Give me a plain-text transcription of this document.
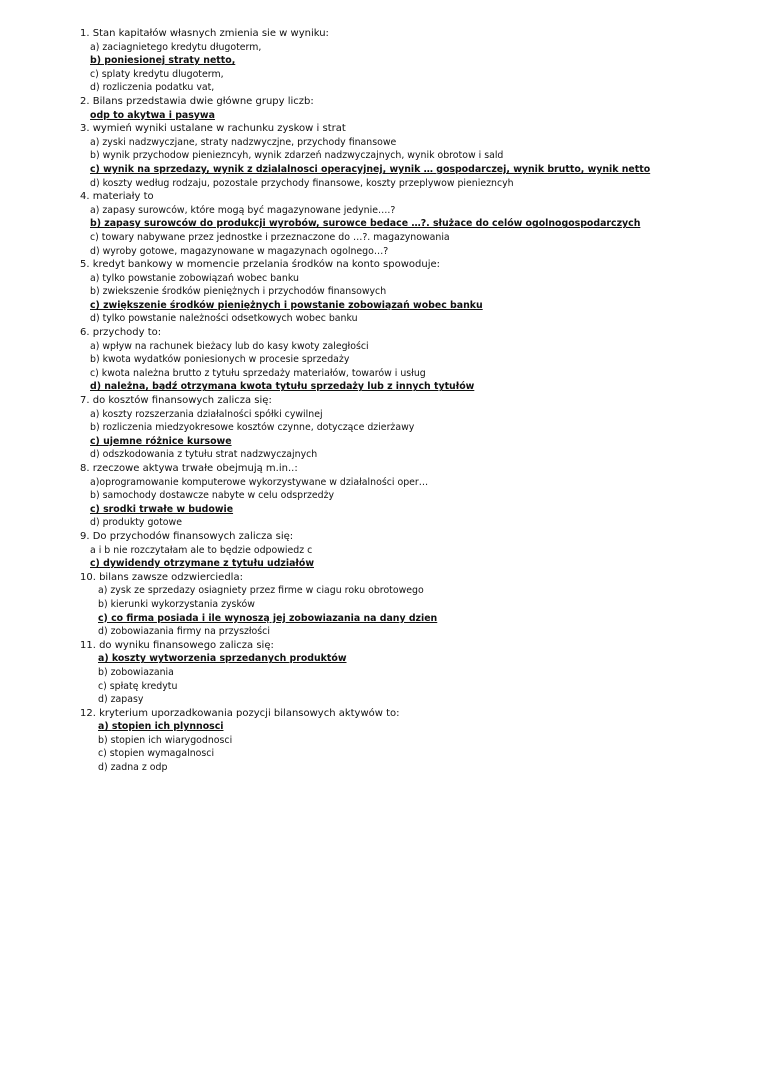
1. Stan kapitałów własnych zmienia sie w wyniku:
a) zaciagnietego kredytu długoterm,
b) poniesionej straty netto,
c) splaty kredytu dlugoterm,
d) rozliczenia podatku vat,
2. Bilans przedstawia dwie główne grupy liczb:
odp to akytwa i pasywa
3. wymień wyniki ustalane w rachunku zyskow i strat
a) zyski nadzwyczjane, straty nadzwyczjne, przychody finansowe
b) wynik przychodow pieniezncyh, wynik zdarzeń nadzwyczajnych, wynik obrotow i sald
c) wynik na sprzedazy, wynik z dzialalnosci operacyjnej, wynik … gospodarczej, wynik brutto, wynik netto
d) koszty według rodzaju, pozostale przychody finansowe, koszty przeplywow pieniezncyh
4. materiały to
a) zapasy surowców, które mogą być magazynowane jedynie….?
b) zapasy surowców do produkcji wyrobów, surowce bedace …?. służace do celów ogolnogospodarczych
c) towary nabywane przez jednostke i przeznaczone do …?. magazynowania
d) wyroby gotowe, magazynowane w magazynach ogolnego…?
5. kredyt bankowy w momencie przelania środków na konto spowoduje:
a) tylko powstanie zobowiązań wobec banku
b) zwiekszenie środków pieniężnych i przychodów finansowych
c) zwiększenie środków pieniężnych i powstanie zobowiązań wobec banku
d) tylko powstanie należności odsetkowych wobec banku
6. przychody to:
a) wpływ na rachunek bieżacy lub do kasy kwoty zaległości
b) kwota wydatków poniesionych w procesie sprzedaży
c) kwota należna brutto z tytułu sprzedaży materiałów, towarów i usług
d) należna, bądź otrzymana kwota tytułu sprzedaży lub z innych tytułów
7. do kosztów finansowych zalicza się:
a) koszty rozszerzania działalności spółki cywilnej
b) rozliczenia miedzyokresowe kosztów czynne, dotyczące dzierżawy
c) ujemne różnice kursowe
d) odszkodowania z tytułu strat nadzwyczajnych
8. rzeczowe aktywa trwałe obejmują m.in..:
a)oprogramowanie komputerowe wykorzystywane w działalności oper…
b) samochody dostawcze nabyte w celu odsprzedży
c) srodki trwałe w budowie
d) produkty gotowe
9. Do przychodów finansowych zalicza się:
a i b nie rozczytałam ale to będzie odpowiedz c
c) dywidendy otrzymane z tytułu udziałów
10. bilans zawsze odzwierciedla:
a) zysk ze sprzedazy osiagniety przez firme w ciagu roku obrotowego
b) kierunki wykorzystania zysków
c) co firma posiada i ile wynoszą jej zobowiazania na dany dzien
d) zobowiazania firmy na przyszłości
11. do wyniku finansowego zalicza się:
a) koszty wytworzenia sprzedanych produktów
b) zobowiazania
c) spłatę kredytu
d) zapasy
12. kryterium uporzadkowania pozycji bilansowych aktywów to:
a) stopien ich plynnosci
b) stopien ich wiarygodnosci
c) stopien wymagalnosci
d) zadna z odp
